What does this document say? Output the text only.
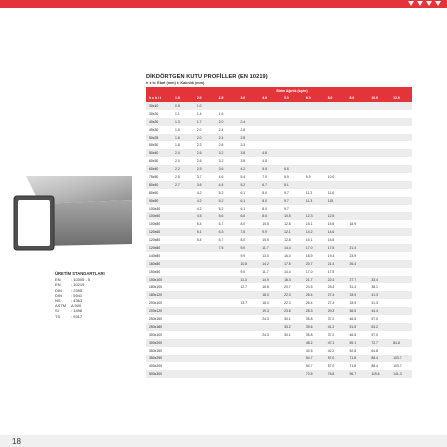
DİKDÖRTGEN KUTU PROFİLLER (EN 10219)
h x b: Ebat (mm) t: Kalınlık (mm)
ÜRETİM STANDARTLARI
EN	: 10305 - 5
EN	: 10219
DIN	: 2395
DIN	: 5941
NS	: 4363
ASTM	A 500
SI	: 1498
TS	: 5317
	Birim Ağırlık (kg/m)										
h x b \ t	1.5	2.0	2.5	3.0	4.0	5.0	6.0	8.0	8.0	10.0	12.0
30x10	0.8	1.0									
30x20	1.1	1.4	1.6								
40x20	1.3	1.7	2.0	2.4							
45x30	1.5	2.0	2.4	2.8							
50x25	1.6	2.0	2.4	2.8							
50x30	1.8	2.3	2.8	3.3							
50x40	2.0	2.6	3.2	3.8	4.8						
60x30	2.0	2.6	3.2	3.8	4.8						
60x40	2.2	2.9	3.6	4.2	5.5	6.6					
75x50	2.8	3.7	4.6	5.4	7.0	8.9	9.9	10.0			
80x40	2.7	3.6	4.4	5.2	6.7	8.1					
80x60		4.2	5.2	6.1	8.0	9.7	11.3	11.6			
90x50		4.2	5.2	6.1	8.0	9.7	11.3	115			
100x40		4.2	5.2	6.1	8.0	9.7					
100x50		4.5	5.6	6.6	8.6	10.5	12.3	12.5			
100x80		5.4	6.7	8.0	10.5	12.8	15.1	15.5	18.9		
120x60		5.1	6.3	7.5	9.9	12.1	14.2	14.6			
120x80		5.4	6.7	8.0	10.5	12.8	15.1	15.5			
120x80			7.5	9.0	11.7	14.4	17.0	17.5	21.4		
140x80				9.9	13.0	16.0	18.9	19.4	23.9		
160x80				10.8	14.2	17.5	20.7	21.4	26.4		
150x50				9.0	11.7	14.4	17.0	17.5			
150x100				11.3	14.9	18.3	21.7	22.4	27.7	33.4	
180x100				12.7	16.8	20.7	24.5	25.4	31.4	38.1	
180x120					18.0	22.3	26.4	27.4	33.9	41.3	
200x100				13.7	18.0	22.3	26.4	27.4	33.9	41.3	
200x120					19.3	23.8	28.3	29.3	36.5	44.4	
250x150					24.3	30.1	35.8	37.2	46.5	57.0	
250x180						33.2	39.6	41.2	51.5	63.2	
300x100					24.3	30.1	35.8	37.2	46.5	57.0	
300x200							45.2	47.1	59.1	72.7	84.8
350x150							40.5	42.2	52.8	64.8	
350x250							54.7	57.0	71.8	88.4	103.7
400x200							54.7	57.0	71.8	88.4	103.7
500x300							73.5	76.8	96.7	119.6	141.3
18
